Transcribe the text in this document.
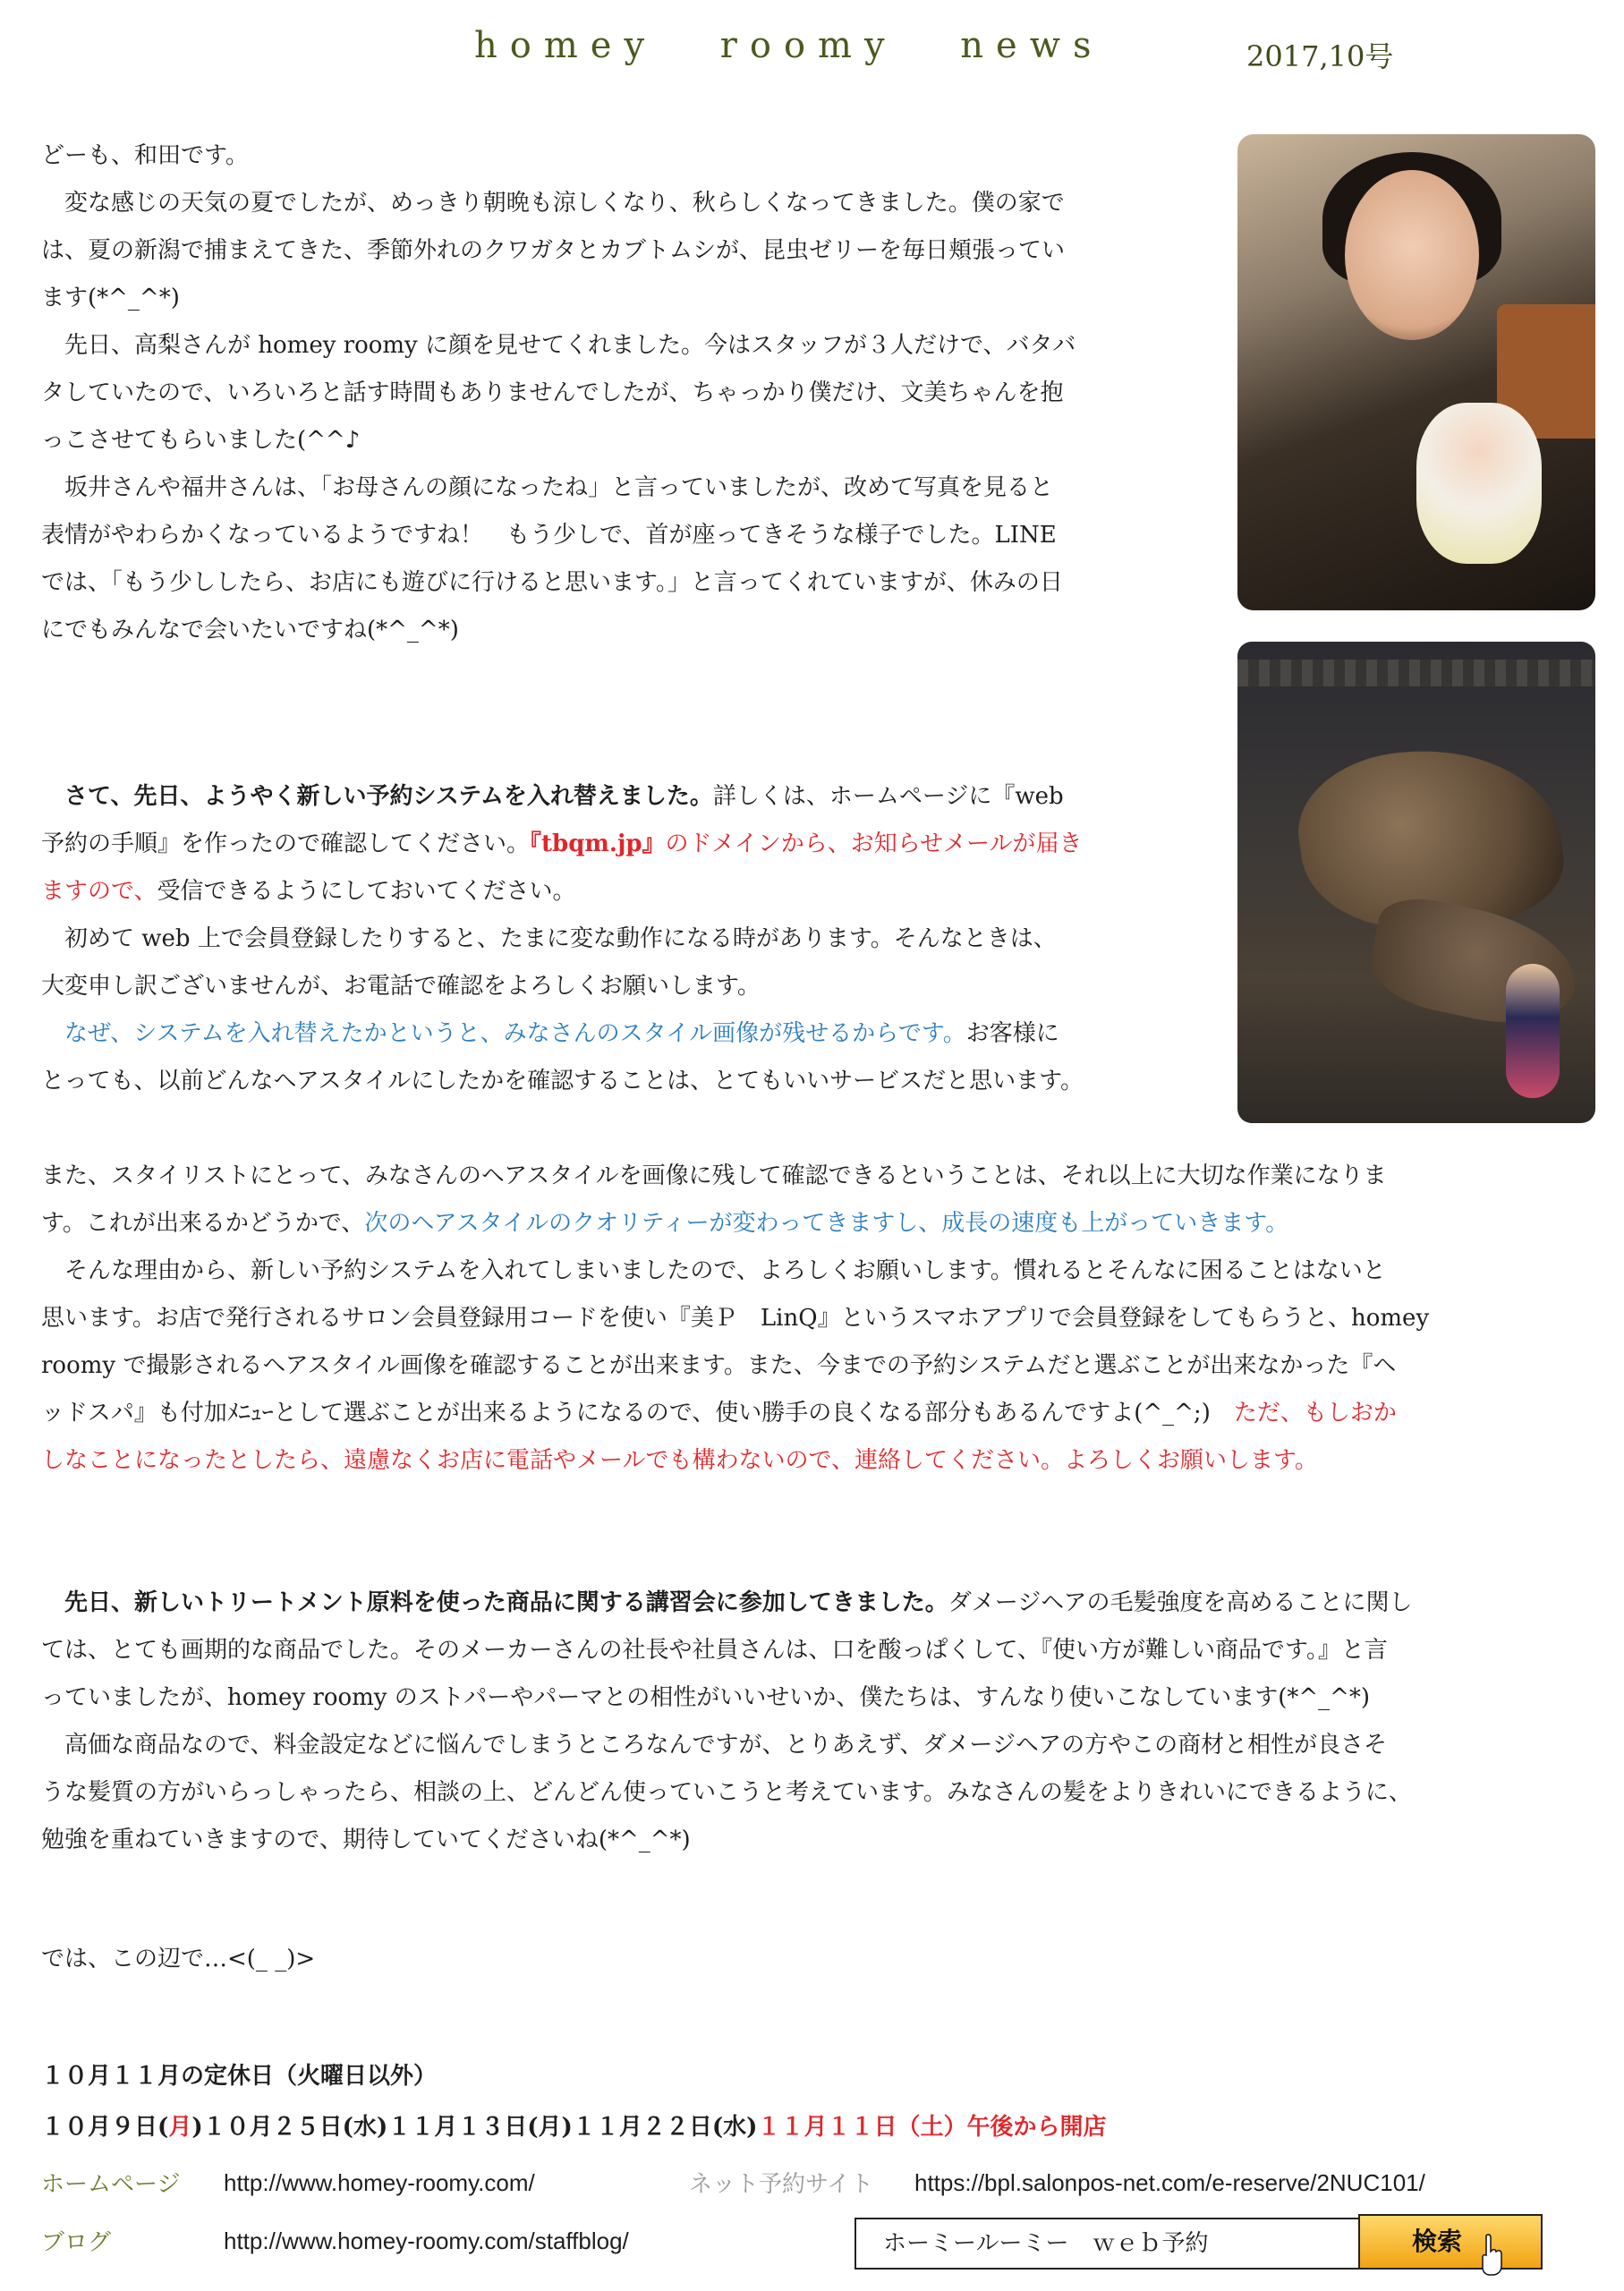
homey roomy news	2017,10号

どーも、和田です。

　変な感じの天気の夏でしたが、めっきり朝晩も涼しくなり、秋らしくなってきました。僕の家で

は、夏の新潟で捕まえてきた、季節外れのクワガタとカブトムシが、昆虫ゼリーを毎日頬張ってい

ます(*^_^*)

　先日、高梨さんが homey roomy に顔を見せてくれました。今はスタッフが３人だけで、バタバ

タしていたので、いろいろと話す時間もありませんでしたが、ちゃっかり僕だけ、文美ちゃんを抱

っこさせてもらいました(^^♪

　坂井さんや福井さんは、「お母さんの顔になったね」と言っていましたが、改めて写真を見ると

表情がやわらかくなっているようですね！　もう少しで、首が座ってきそうな様子でした。LINE

では、「もう少ししたら、お店にも遊びに行けると思います。」と言ってくれていますが、休みの日

にでもみんなで会いたいですね(*^_^*)

　さて、先日、ようやく新しい予約システムを入れ替えました。詳しくは、ホームページに『web

予約の手順』を作ったので確認してください。『tbqm.jp』のドメインから、お知らせメールが届き

ますので、受信できるようにしておいてください。

　初めて web 上で会員登録したりすると、たまに変な動作になる時があります。そんなときは、

大変申し訳ございませんが、お電話で確認をよろしくお願いします。

　なぜ、システムを入れ替えたかというと、みなさんのスタイル画像が残せるからです。お客様に

とっても、以前どんなヘアスタイルにしたかを確認することは、とてもいいサービスだと思います。

また、スタイリストにとって、みなさんのヘアスタイルを画像に残して確認できるということは、それ以上に大切な作業になりま

す。これが出来るかどうかで、次のヘアスタイルのクオリティーが変わってきますし、成長の速度も上がっていきます。

　そんな理由から、新しい予約システムを入れてしまいましたので、よろしくお願いします。慣れるとそんなに困ることはないと

思います。お店で発行されるサロン会員登録用コードを使い『美Ｐ　LinQ』というスマホアプリで会員登録をしてもらうと、homey

roomy で撮影されるヘアスタイル画像を確認することが出来ます。また、今までの予約システムだと選ぶことが出来なかった『ヘ

ッドスパ』も付加ﾒﾆｭｰとして選ぶことが出来るようになるので、使い勝手の良くなる部分もあるんですよ(^_^;)　ただ、もしおか

しなことになったとしたら、遠慮なくお店に電話やメールでも構わないので、連絡してください。よろしくお願いします。

　先日、新しいトリートメント原料を使った商品に関する講習会に参加してきました。ダメージヘアの毛髪強度を高めることに関し

ては、とても画期的な商品でした。そのメーカーさんの社長や社員さんは、口を酸っぱくして、『使い方が難しい商品です。』と言

っていましたが、homey roomy のストパーやパーマとの相性がいいせいか、僕たちは、すんなり使いこなしています(*^_^*)

　高価な商品なので、料金設定などに悩んでしまうところなんですが、とりあえず、ダメージヘアの方やこの商材と相性が良さそ

うな髪質の方がいらっしゃったら、相談の上、どんどん使っていこうと考えています。みなさんの髪をよりきれいにできるように、

勉強を重ねていきますので、期待していてくださいね(*^_^*)

では、この辺で…<(_ _)>
１０月１１月の定休日（火曜日以外）
１０月９日(月)１０月２５日(水)１１月１３日(月)１１月２２日(水)１１月１１日（土）午後から開店
ホームページ http://www.homey-roomy.com/	ネット予約サイト https://bpl.salonpos-net.com/e-reserve/2NUC101/
ブログ	http://www.homey-roomy.com/staffblog/	ホーミールーミー　ｗｅｂ予約	検索
